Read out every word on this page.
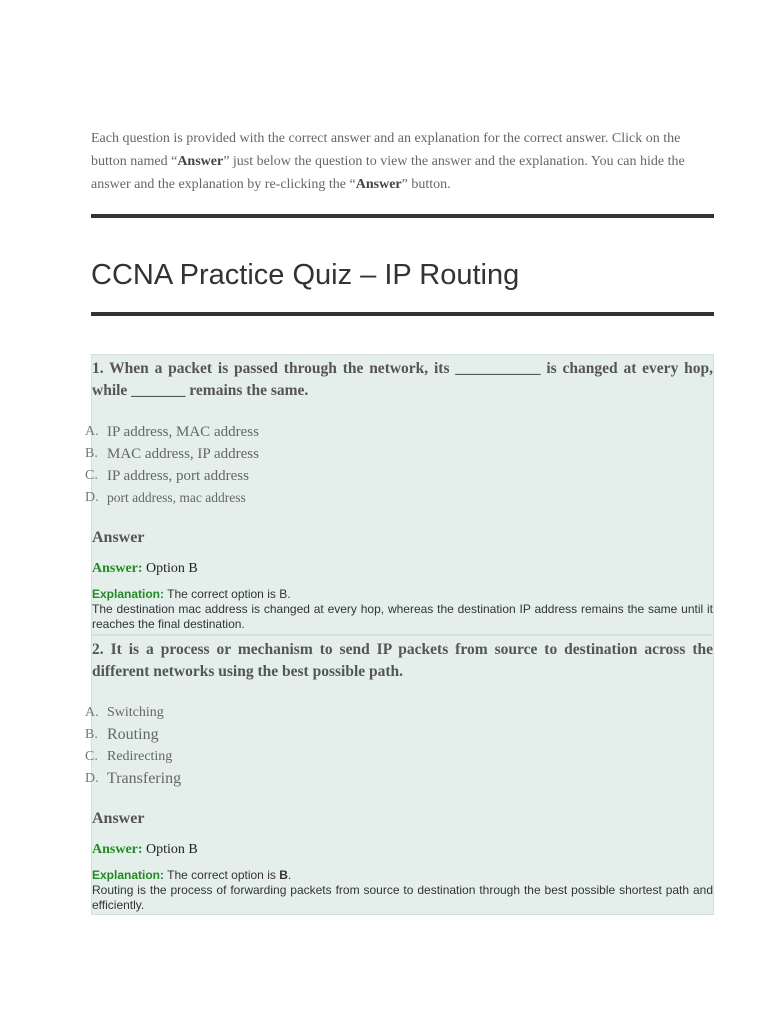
Each question is provided with the correct answer and an explanation for the correct answer. Click on the button named “Answer” just below the question to view the answer and the explanation. You can hide the answer and the explanation by re-clicking the “Answer” button.

CCNA Practice Quiz – IP Routing

1. When a packet is passed through the network, its ___________ is changed at every hop, while _______ remains the same.

A. IP address, MAC address
B. MAC address, IP address
C. IP address, port address
D. port address, mac address
Answer
Answer: Option B
Explanation: The correct option is B.
The destination mac address is changed at every hop, whereas the destination IP address remains the same until it reaches the final destination.

2. It is a process or mechanism to send IP packets from source to destination across the different networks using the best possible path.

A. Switching
B. Routing
C. Redirecting
D. Transfering
Answer
Answer: Option B
Explanation: The correct option is B.
Routing is the process of forwarding packets from source to destination through the best possible shortest path and efficiently.
